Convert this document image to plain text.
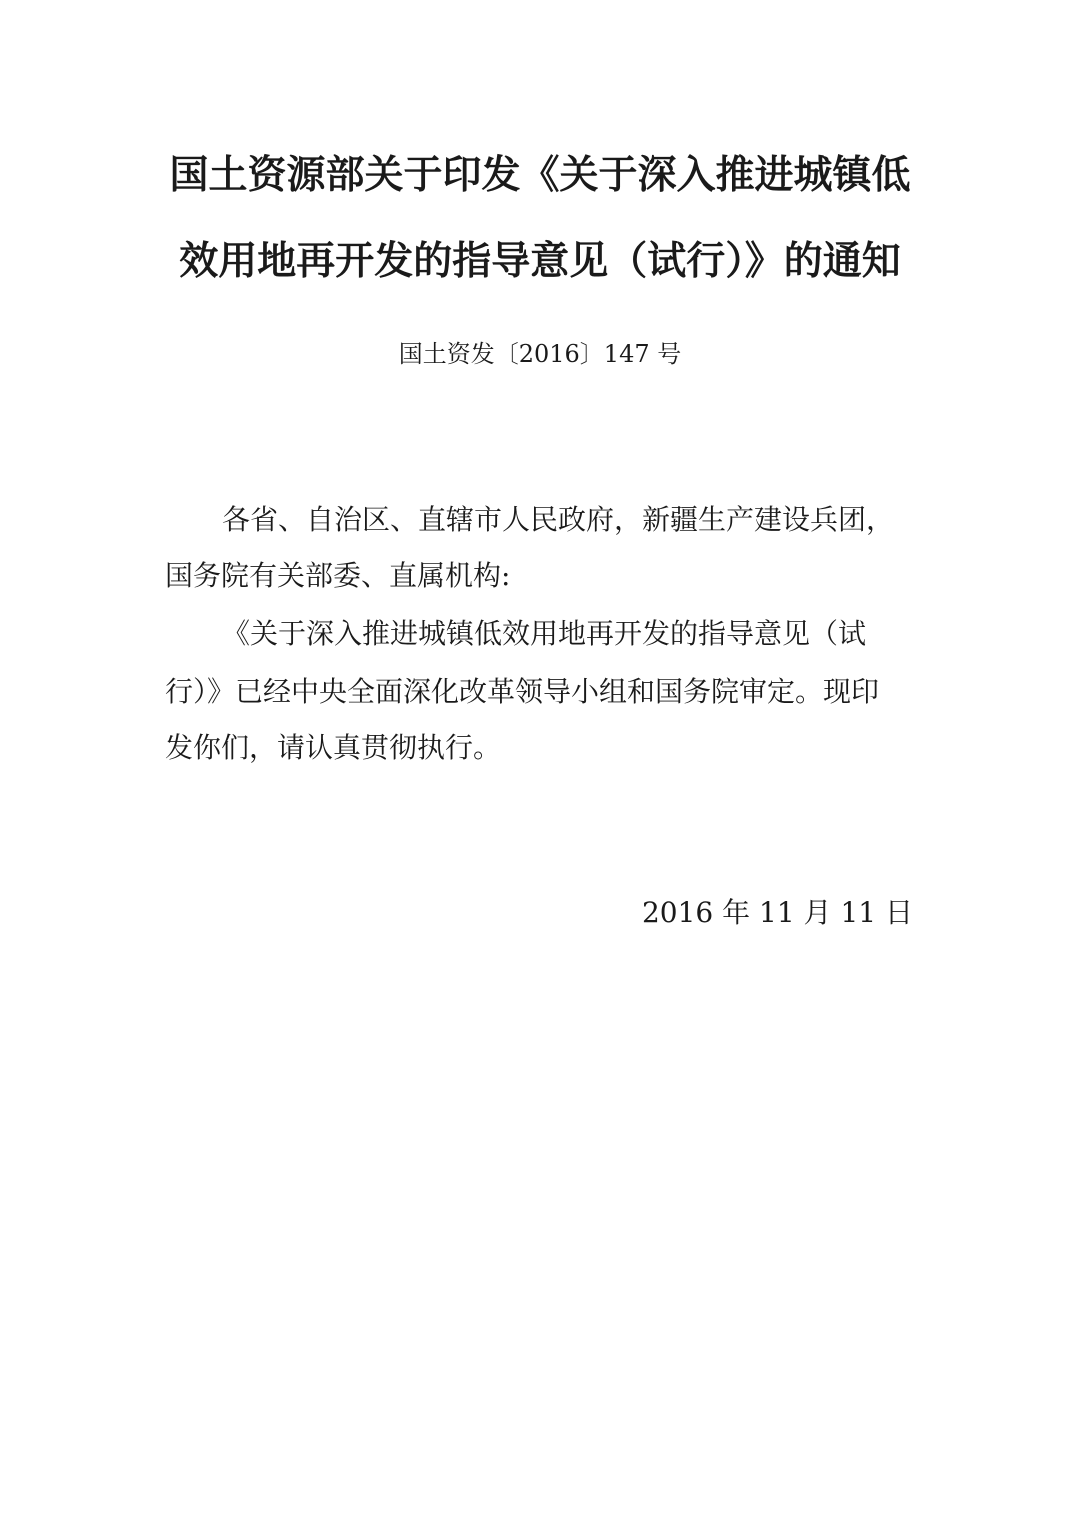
国土资源部关于印发《关于深入推进城镇低
效用地再开发的指导意见（试行）》的通知
国土资发〔2016〕147 号
各省、自治区、直辖市人民政府，新疆生产建设兵团，
国务院有关部委、直属机构:
《关于深入推进城镇低效用地再开发的指导意见（试
行）》已经中央全面深化改革领导小组和国务院审定。现印
发你们，请认真贯彻执行。
2016 年 11 月 11 日
